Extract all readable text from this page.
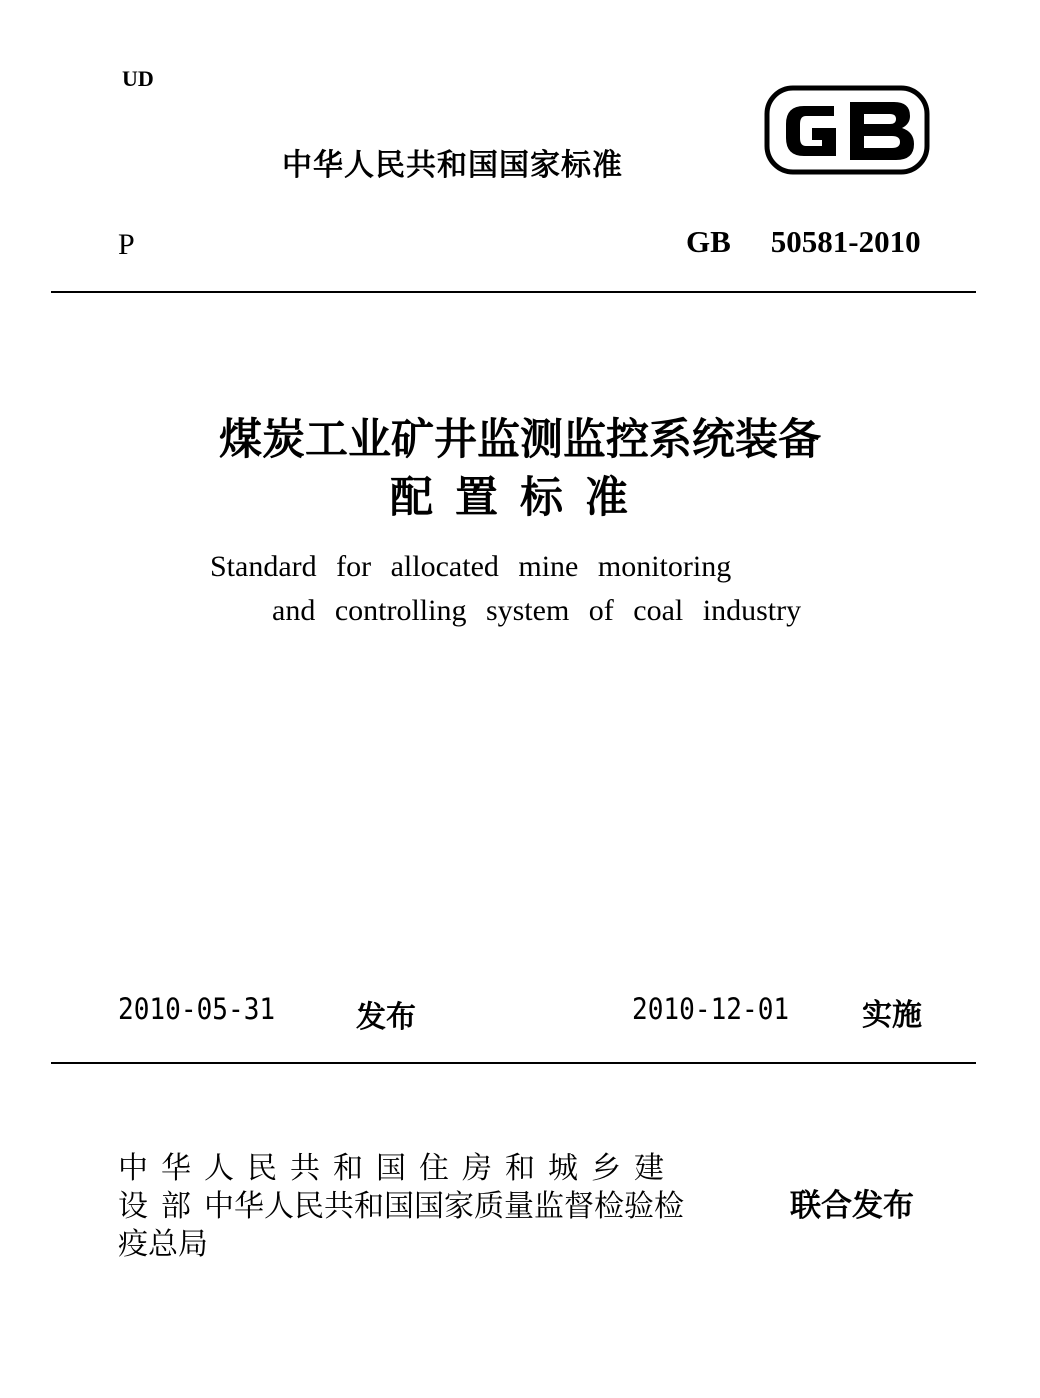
UD
中华人民共和国国家标准
P	GB 50581-2010
煤炭工业矿井监测监控系统装备
配置标准
Standard for allocated mine monitoring
and controlling system of coal industry
2010-05-31	发布	2010-12-01 实施
中华人民共和国住房和城乡建
设部中华人民共和国国家质量监督检验检
疫总局
联合发布
